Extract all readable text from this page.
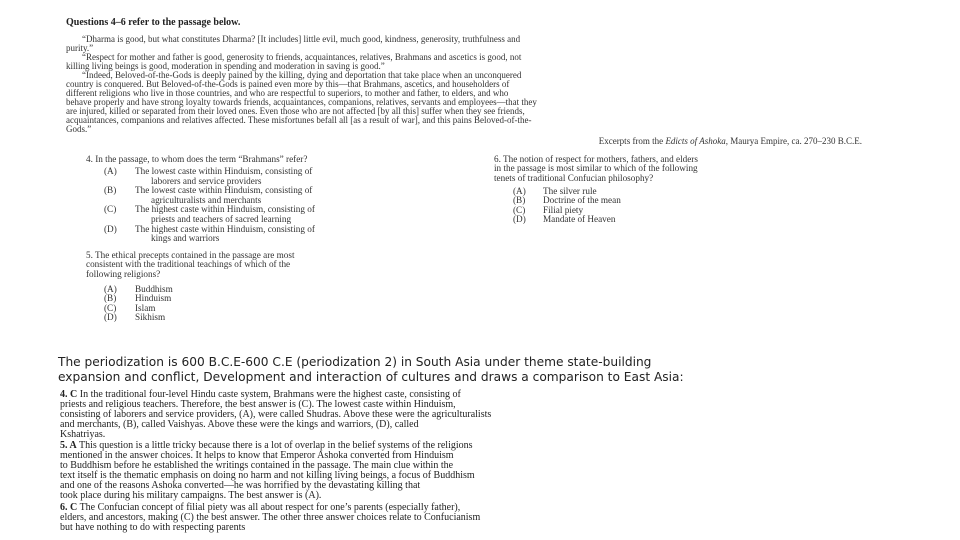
Questions 4–6 refer to the passage below.
“Dharma is good, but what constitutes Dharma? [It includes] little evil, much good, kindness, generosity, truthfulness and
purity.”
“Respect for mother and father is good, generosity to friends, acquaintances, relatives, Brahmans and ascetics is good, not
killing living beings is good, moderation in spending and moderation in saving is good.”
“Indeed, Beloved-of-the-Gods is deeply pained by the killing, dying and deportation that take place when an unconquered
country is conquered. But Beloved-of-the-Gods is pained even more by this—that Brahmans, ascetics, and householders of
different religions who live in those countries, and who are respectful to superiors, to mother and father, to elders, and who
behave properly and have strong loyalty towards friends, acquaintances, companions, relatives, servants and employees—that they
are injured, killed or separated from their loved ones. Even those who are not affected [by all this] suffer when they see friends,
acquaintances, companions and relatives affected. These misfortunes befall all [as a result of war], and this pains Beloved-of-the-
Gods.”
Excerpts from the Edicts of Ashoka, Maurya Empire, ca. 270–230 B.C.E.
4. In the passage, to whom does the term “Brahmans” refer?
(A) The lowest caste within Hinduism, consisting of
laborers and service providers
(B) The lowest caste within Hinduism, consisting of
agriculturalists and merchants
(C) The highest caste within Hinduism, consisting of
priests and teachers of sacred learning
(D) The highest caste within Hinduism, consisting of
kings and warriors
5. The ethical precepts contained in the passage are most
consistent with the traditional teachings of which of the
following religions?
(A) Buddhism
(B) Hinduism
(C) Islam
(D) Sikhism
6. The notion of respect for mothers, fathers, and elders
in the passage is most similar to which of the following
tenets of traditional Confucian philosophy?
(A) The silver rule
(B) Doctrine of the mean
(C) Filial piety
(D) Mandate of Heaven
The periodization is 600 B.C.E-600 C.E (periodization 2) in South Asia under theme state-building
expansion and conflict, Development and interaction of cultures and draws a comparison to East Asia:
4. C In the traditional four-level Hindu caste system, Brahmans were the highest caste, consisting of
priests and religious teachers. Therefore, the best answer is (C). The lowest caste within Hinduism,
consisting of laborers and service providers, (A), were called Shudras. Above these were the agriculturalists
and merchants, (B), called Vaishyas. Above these were the kings and warriors, (D), called
Kshatriyas.
5. A This question is a little tricky because there is a lot of overlap in the belief systems of the religions
mentioned in the answer choices. It helps to know that Emperor Ashoka converted from Hinduism
to Buddhism before he established the writings contained in the passage. The main clue within the
text itself is the thematic emphasis on doing no harm and not killing living beings, a focus of Buddhism
and one of the reasons Ashoka converted—he was horrified by the devastating killing that
took place during his military campaigns. The best answer is (A).
6. C The Confucian concept of filial piety was all about respect for one’s parents (especially father),
elders, and ancestors, making (C) the best answer. The other three answer choices relate to Confucianism
but have nothing to do with respecting parents
